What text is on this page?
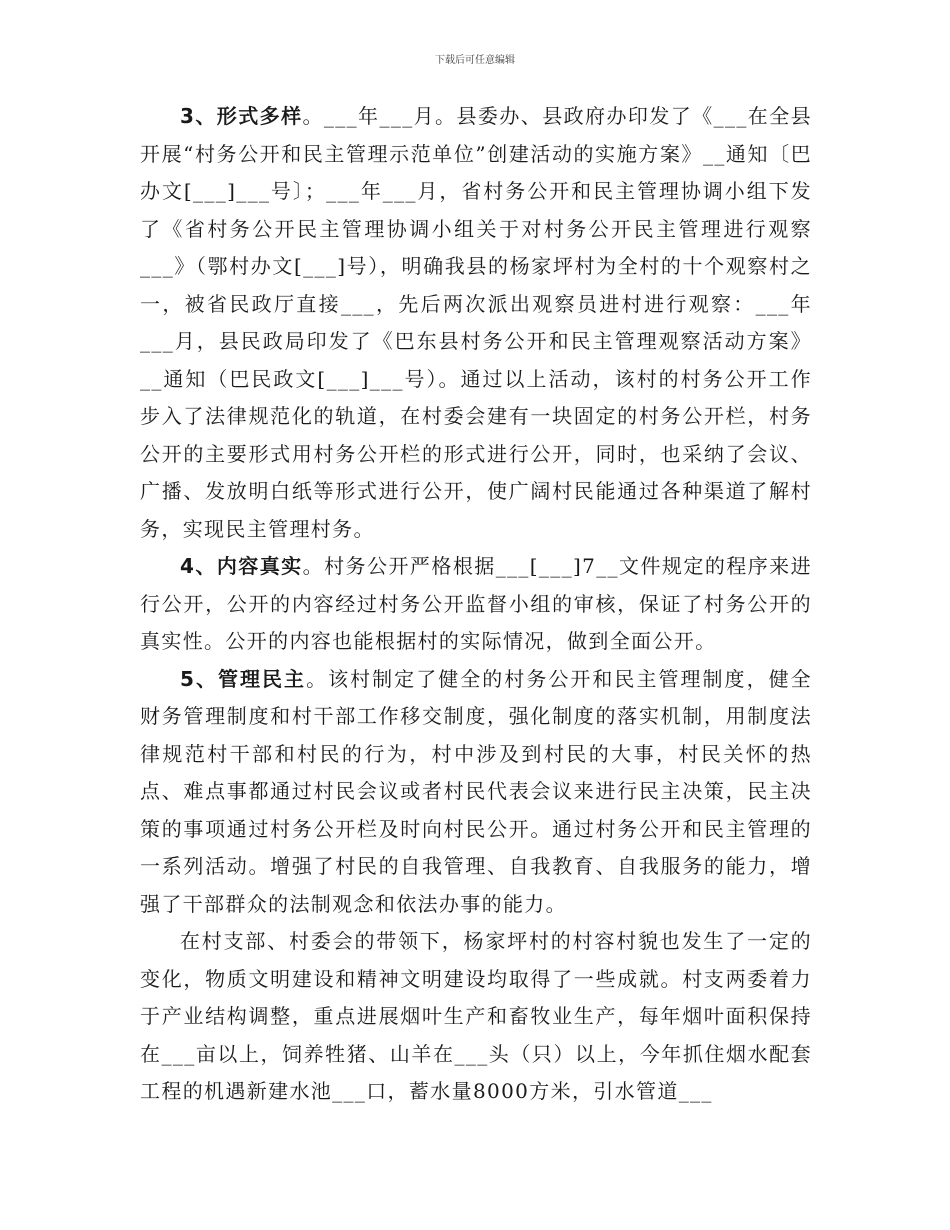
下载后可任意编辑

3、形式多样。___年___月。县委办、县政府办印发了《___在全县开展“村务公开和民主管理示范单位”创建活动的实施方案》__通知〔巴办文[___]___号〕；___年___月，省村务公开和民主管理协调小组下发了《省村务公开民主管理协调小组关于对村务公开民主管理进行观察___》（鄂村办文[___]号），明确我县的杨家坪村为全村的十个观察村之一，被省民政厅直接___，先后两次派出观察员进村进行观察：___年___月，县民政局印发了《巴东县村务公开和民主管理观察活动方案》__通知（巴民政文[___]___号）。通过以上活动，该村的村务公开工作步入了法律规范化的轨道，在村委会建有一块固定的村务公开栏，村务公开的主要形式用村务公开栏的形式进行公开，同时，也采纳了会议、广播、发放明白纸等形式进行公开，使广阔村民能通过各种渠道了解村务，实现民主管理村务。

4、内容真实。村务公开严格根据___[___]7__文件规定的程序来进行公开，公开的内容经过村务公开监督小组的审核，保证了村务公开的真实性。公开的内容也能根据村的实际情况，做到全面公开。

5、管理民主。该村制定了健全的村务公开和民主管理制度，健全财务管理制度和村干部工作移交制度，强化制度的落实机制，用制度法律规范村干部和村民的行为，村中涉及到村民的大事，村民关怀的热点、难点事都通过村民会议或者村民代表会议来进行民主决策，民主决策的事项通过村务公开栏及时向村民公开。通过村务公开和民主管理的一系列活动。增强了村民的自我管理、自我教育、自我服务的能力，增强了干部群众的法制观念和依法办事的能力。

在村支部、村委会的带领下，杨家坪村的村容村貌也发生了一定的变化，物质文明建设和精神文明建设均取得了一些成就。村支两委着力于产业结构调整，重点进展烟叶生产和畜牧业生产，每年烟叶面积保持在___亩以上，饲养牲猪、山羊在___头（只）以上，今年抓住烟水配套工程的机遇新建水池___口，蓄水量8000方米，引水管道___
